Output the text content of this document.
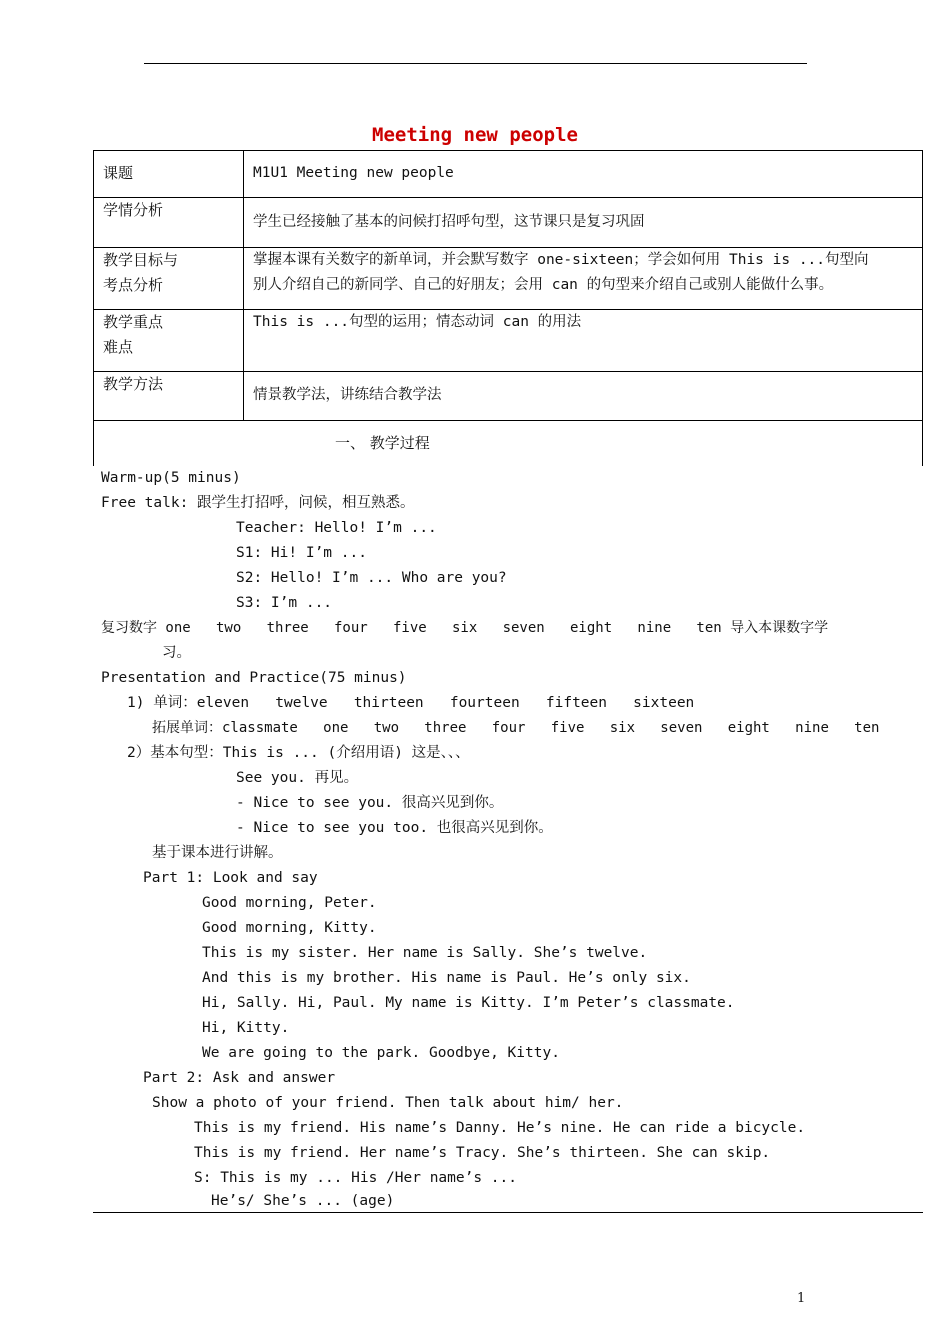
Meeting new people
课题	M1U1 Meeting new people
学情分析
学生已经接触了基本的问候打招呼句型，这节课只是复习巩固
教学目标与
考点分析
掌握本课有关数字的新单词，并会默写数字 one-sixteen；学会如何用 This is ...句型向
别人介绍自己的新同学、自己的好朋友；会用 can 的句型来介绍自己或别人能做什么事。
教学重点
难点
This is ...句型的运用；情态动词 can 的用法
教学方法
情景教学法，讲练结合教学法
一、 教学过程
Warm-up(5 minus)
Free talk: 跟学生打招呼，问候，相互熟悉。
Teacher: Hello! I’m ...
S1: Hi! I’m ...
S2: Hello! I’m ... Who are you?
S3: I’m ...
复习数字 one   two   three   four   five   six   seven   eight   nine   ten 导入本课数字学
习。
Presentation and Practice(75 minus)
1) 单词：eleven   twelve   thirteen   fourteen   fifteen   sixteen
拓展单词：classmate   one   two   three   four   five   six   seven   eight   nine   ten
2）基本句型：This is ... (介绍用语) 这是、、、
See you. 再见。
- Nice to see you. 很高兴见到你。
- Nice to see you too. 也很高兴见到你。
基于课本进行讲解。
Part 1: Look and say
Good morning, Peter.
Good morning, Kitty.
This is my sister. Her name is Sally. She’s twelve.
And this is my brother. His name is Paul. He’s only six.
Hi, Sally. Hi, Paul. My name is Kitty. I’m Peter’s classmate.
Hi, Kitty.
We are going to the park. Goodbye, Kitty.
Part 2: Ask and answer
Show a photo of your friend. Then talk about him/ her.
This is my friend. His name’s Danny. He’s nine. He can ride a bicycle.
This is my friend. Her name’s Tracy. She’s thirteen. She can skip.
S: This is my ... His /Her name’s ...
He’s/ She’s ... (age)
1
